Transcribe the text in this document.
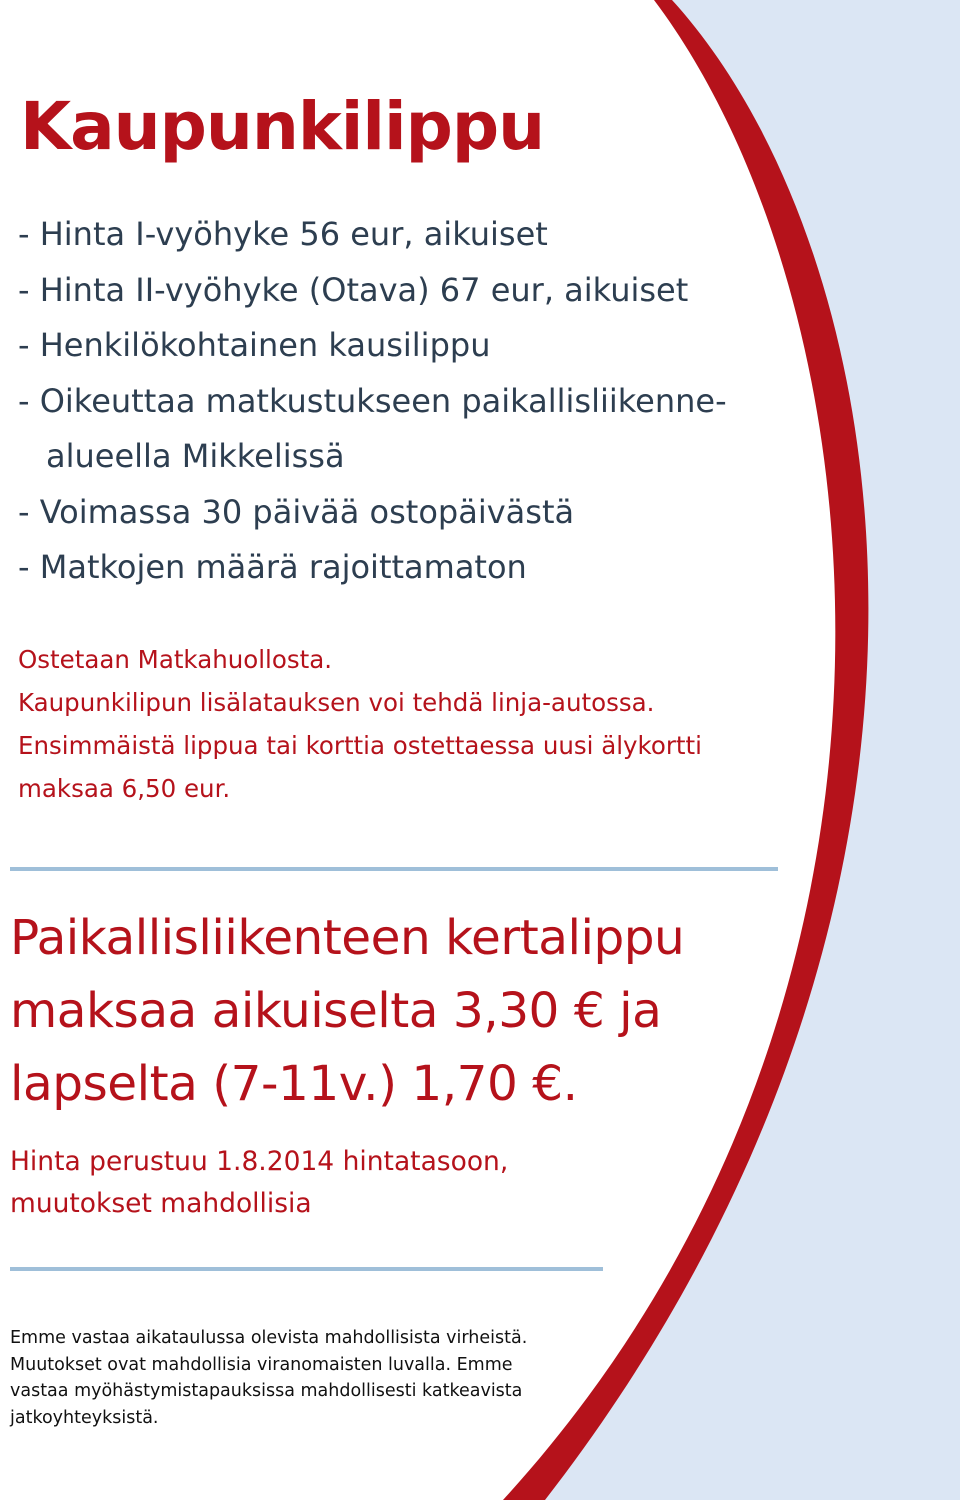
Kaupunkilippu
- Hinta I-vyöhyke 56 eur, aikuiset
- Hinta II-vyöhyke (Otava) 67 eur, aikuiset
- Henkilökohtainen kausilippu
- Oikeuttaa matkustukseen paikallisliikenne-
alueella Mikkelissä
- Voimassa 30 päivää ostopäivästä
- Matkojen määrä rajoittamaton
Ostetaan Matkahuollosta.
Kaupunkilipun lisälatauksen voi tehdä linja-autossa.
Ensimmäistä lippua tai korttia ostettaessa uusi älykortti
maksaa 6,50 eur.
Paikallisliikenteen kertalippu
maksaa aikuiselta 3,30 € ja
lapselta (7-11v.) 1,70 €.
Hinta perustuu 1.8.2014 hintatasoon,
muutokset mahdollisia
Emme vastaa aikataulussa olevista mahdollisista virheistä.
Muutokset ovat mahdollisia viranomaisten luvalla. Emme
vastaa myöhästymistapauksissa mahdollisesti katkeavista
jatkoyhteyksistä.
